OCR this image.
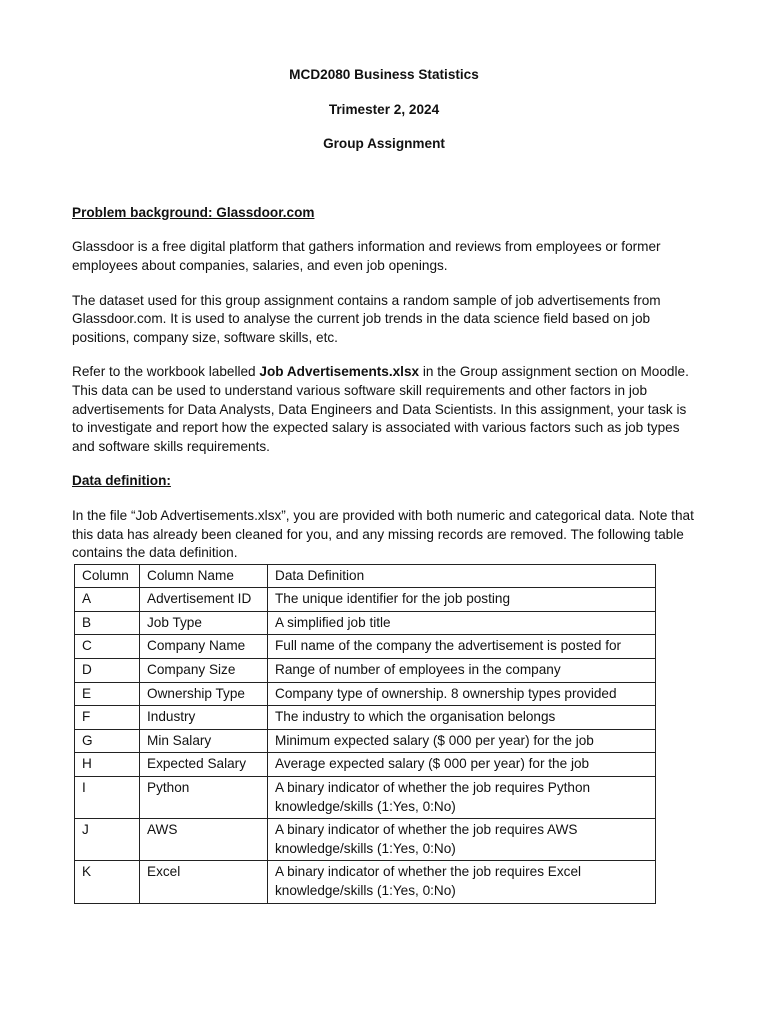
MCD2080 Business Statistics
Trimester 2, 2024
Group Assignment
Problem background: Glassdoor.com

Glassdoor is a free digital platform that gathers information and reviews from employees or former employees about companies, salaries, and even job openings.

The dataset used for this group assignment contains a random sample of job advertisements from Glassdoor.com. It is used to analyse the current job trends in the data science field based on job positions, company size, software skills, etc.

Refer to the workbook labelled Job Advertisements.xlsx in the Group assignment section on Moodle. This data can be used to understand various software skill requirements and other factors in job advertisements for Data Analysts, Data Engineers and Data Scientists. In this assignment, your task is to investigate and report how the expected salary is associated with various factors such as job types and software skills requirements.

Data definition:

In the file “Job Advertisements.xlsx”, you are provided with both numeric and categorical data. Note that this data has already been cleaned for you, and any missing records are removed. The following table contains the data definition.

Column	Column Name	Data Definition
A	Advertisement ID	The unique identifier for the job posting
B	Job Type	A simplified job title
C	Company Name	Full name of the company the advertisement is posted for
D	Company Size	Range of number of employees in the company
E	Ownership Type	Company type of ownership. 8 ownership types provided
F	Industry	The industry to which the organisation belongs
G	Min Salary	Minimum expected salary ($ 000 per year) for the job
H	Expected Salary	Average expected salary ($ 000 per year) for the job
I	Python	A binary indicator of whether the job requires Python knowledge/skills (1:Yes, 0:No)
J	AWS	A binary indicator of whether the job requires AWS knowledge/skills (1:Yes, 0:No)
K	Excel	A binary indicator of whether the job requires Excel knowledge/skills (1:Yes, 0:No)
